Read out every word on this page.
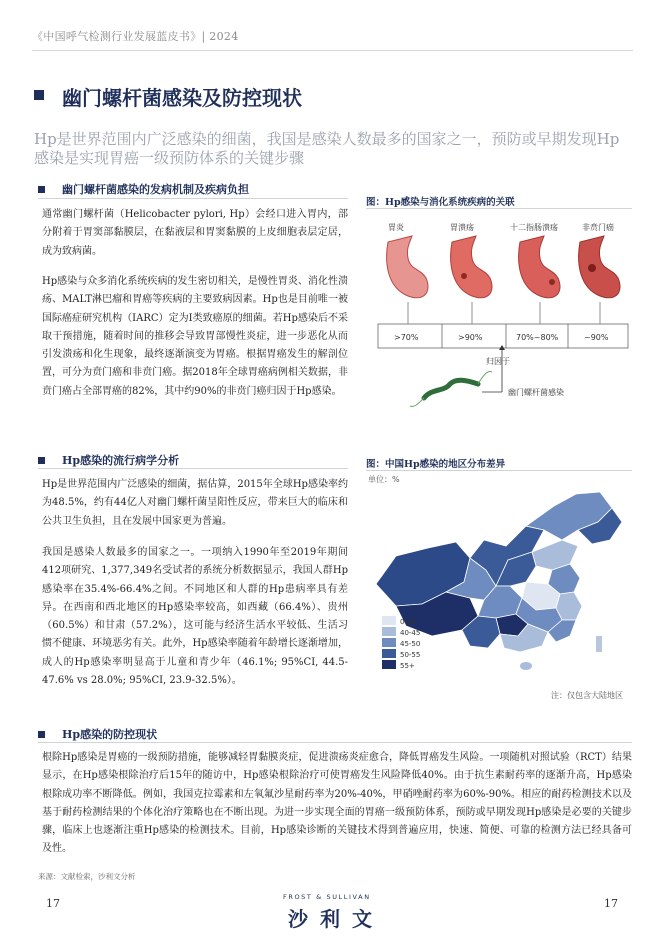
《中国呼气检测行业发展蓝皮书》| 2024
幽门螺杆菌感染及防控现状
Hp是世界范围内广泛感染的细菌，我国是感染人数最多的国家之一，预防或早期发现Hp感染是实现胃癌一级预防体系的关键步骤
幽门螺杆菌感染的发病机制及疾病负担
通常幽门螺杆菌（Helicobacter pylori, Hp）会经口进入胃内，部分附着于胃窦部黏膜层，在黏液层和胃窦黏膜的上皮细胞表层定居，成为致病菌。
Hp感染与众多消化系统疾病的发生密切相关，是慢性胃炎、消化性溃疡、MALT淋巴瘤和胃癌等疾病的主要致病因素。Hp也是目前唯一被国际癌症研究机构（IARC）定为I类致癌原的细菌。若Hp感染后不采取干预措施，随着时间的推移会导致胃部慢性炎症，进一步恶化从而引发溃疡和化生现象，最终逐渐演变为胃癌。根据胃癌发生的解剖位置，可分为贲门癌和非贲门癌。据2018年全球胃癌病例相关数据，非贲门癌占全部胃癌的82%，其中约90%的非贲门癌归因于Hp感染。
图：Hp感染与消化系统疾病的关联
胃炎	胃溃疡	十二指肠溃疡	非贲门癌
>70%	>90%	70%~80%	~90%
归因于
幽门螺杆菌感染
Hp感染的流行病学分析
Hp是世界范围内广泛感染的细菌，据估算，2015年全球Hp感染率约为48.5%，约有44亿人对幽门螺杆菌呈阳性反应，带来巨大的临床和公共卫生负担，且在发展中国家更为普遍。
我国是感染人数最多的国家之一。一项纳入1990年至2019年期间412项研究、1,377,349名受试者的系统分析数据显示，我国人群Hp感染率在35.4%-66.4%之间。不同地区和人群的Hp患病率具有差异。在西南和西北地区的Hp感染率较高，如西藏（66.4%）、贵州（60.5%）和甘肃（57.2%），这可能与经济生活水平较低、生活习惯不健康、环境恶劣有关。此外，Hp感染率随着年龄增长逐渐增加，成人的Hp感染率明显高于儿童和青少年（46.1%; 95%CI, 44.5-47.6% vs 28.0%; 95%CI, 23.9-32.5%）。
图：中国Hp感染的地区分布差异
单位：%
0-40
40-45
45-50
50-55
55+
注：仅包含大陆地区
Hp感染的防控现状
根除Hp感染是胃癌的一级预防措施，能够减轻胃黏膜炎症，促进溃疡炎症愈合，降低胃癌发生风险。一项随机对照试验（RCT）结果显示，在Hp感染根除治疗后15年的随访中，Hp感染根除治疗可使胃癌发生风险降低40%。由于抗生素耐药率的逐渐升高，Hp感染根除成功率不断降低。例如，我国克拉霉素和左氧氟沙星耐药率为20%-40%，甲硝唑耐药率为60%-90%。相应的耐药检测技术以及基于耐药检测结果的个体化治疗策略也在不断出现。为进一步实现全面的胃癌一级预防体系，预防或早期发现Hp感染是必要的关键步骤，临床上也逐渐注重Hp感染的检测技术。目前，Hp感染诊断的关键技术得到普遍应用，快速、简便、可靠的检测方法已经具备可及性。
来源：文献检索，沙利文分析
17	17
FROST & SULLIVAN
沙利文
